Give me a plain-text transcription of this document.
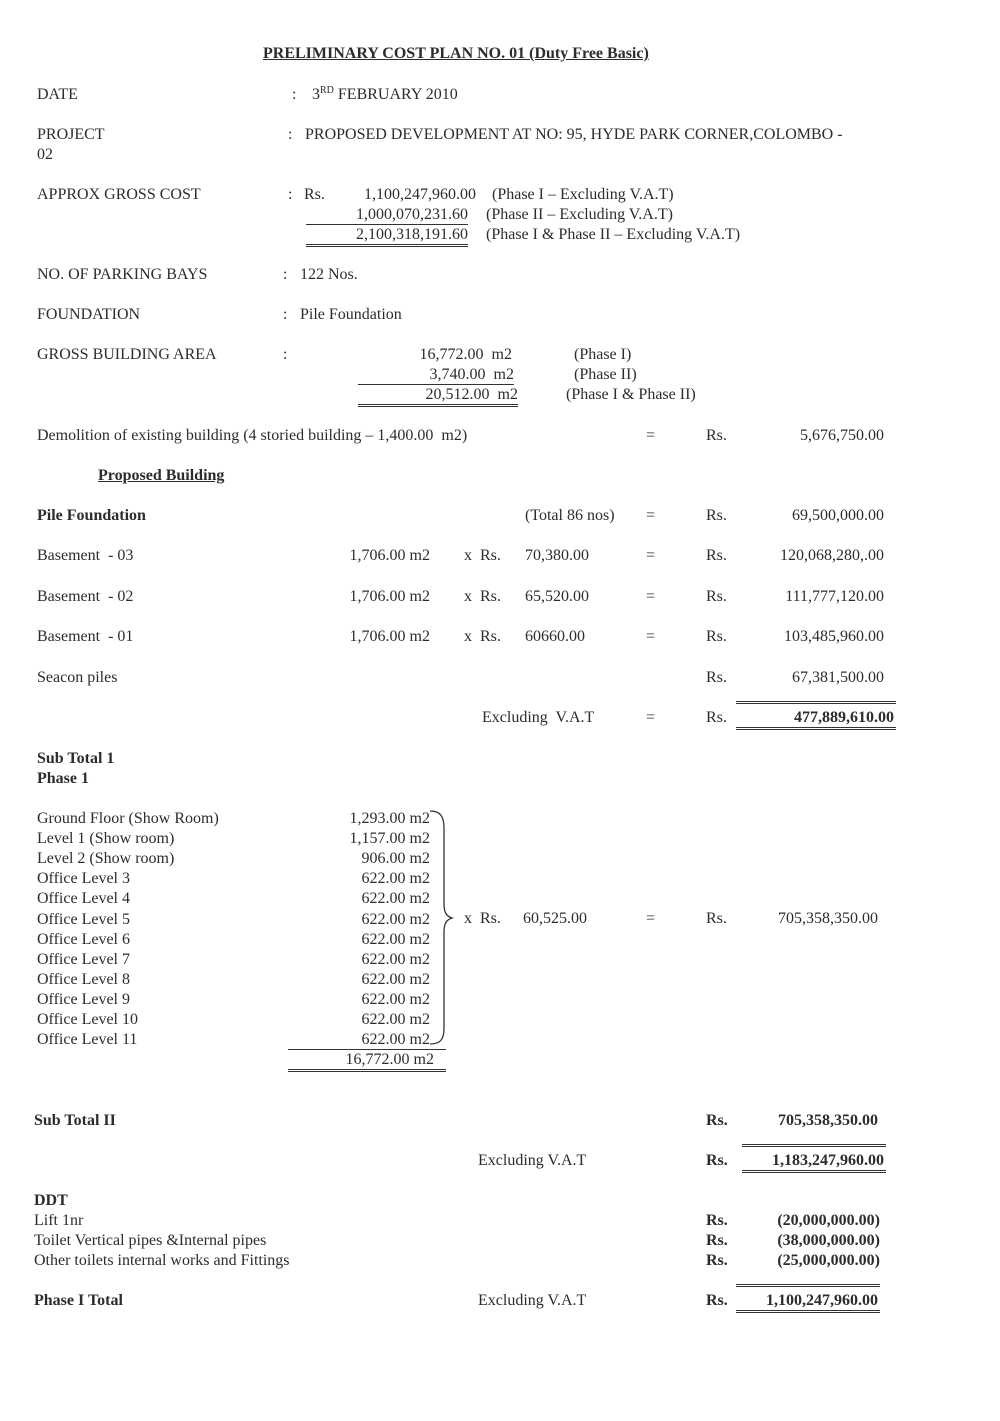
PRELIMINARY COST PLAN NO. 01 (Duty Free Basic)
DATE	: 3RD FEBRUARY 2010
PROJECT
02
: PROPOSED DEVELOPMENT AT NO: 95, HYDE PARK CORNER,COLOMBO -
APPROX GROSS COST	: Rs.	1,100,247,960.00 (Phase I – Excluding V.A.T)
1,000,070,231.60 (Phase II – Excluding V.A.T)
2,100,318,191.60 (Phase I & Phase II – Excluding V.A.T)
NO. OF PARKING BAYS	: 122 Nos.
FOUNDATION	: Pile Foundation
GROSS BUILDING AREA	:	16,772.00  m2	(Phase I)
3,740.00  m2	(Phase II)
20,512.00  m2	(Phase I & Phase II)
Demolition of existing building (4 storied building – 1,400.00  m2)	=	Rs.	5,676,750.00
Proposed Building
Pile Foundation	(Total 86 nos) =	Rs.	69,500,000.00
Basement  - 03	1,706.00 m2 x  Rs. 70,380.00	=	Rs.	120,068,280,.00
Basement  - 02	1,706.00 m2 x  Rs. 65,520.00	=	Rs.	111,777,120.00
Basement  - 01	1,706.00 m2 x  Rs. 60660.00	=	Rs.	103,485,960.00
Seacon piles	Rs.	67,381,500.00
Excluding  V.A.T	=	Rs.	477,889,610.00
Sub Total 1
Phase 1
Ground Floor (Show Room)	1,293.00 m2
Level 1 (Show room)	1,157.00 m2
Level 2 (Show room)	906.00 m2
Office Level 3	622.00 m2
Office Level 4	622.00 m2
Office Level 5	622.00 m2
Office Level 6	622.00 m2
Office Level 7	622.00 m2
Office Level 8	622.00 m2
Office Level 9	622.00 m2
Office Level 10	622.00 m2
Office Level 11	622.00 m2
16,772.00 m2
x  Rs. 60,525.00	=	Rs.	705,358,350.00
Sub Total II	Rs.	705,358,350.00
Excluding V.A.T	Rs.	1,183,247,960.00
DDT
Lift 1nr	Rs.	(20,000,000.00)
Toilet Vertical pipes &Internal pipes	Rs.	(38,000,000.00)
Other toilets internal works and Fittings	Rs.	(25,000,000.00)
Phase I Total	Excluding V.A.T	Rs.	1,100,247,960.00
